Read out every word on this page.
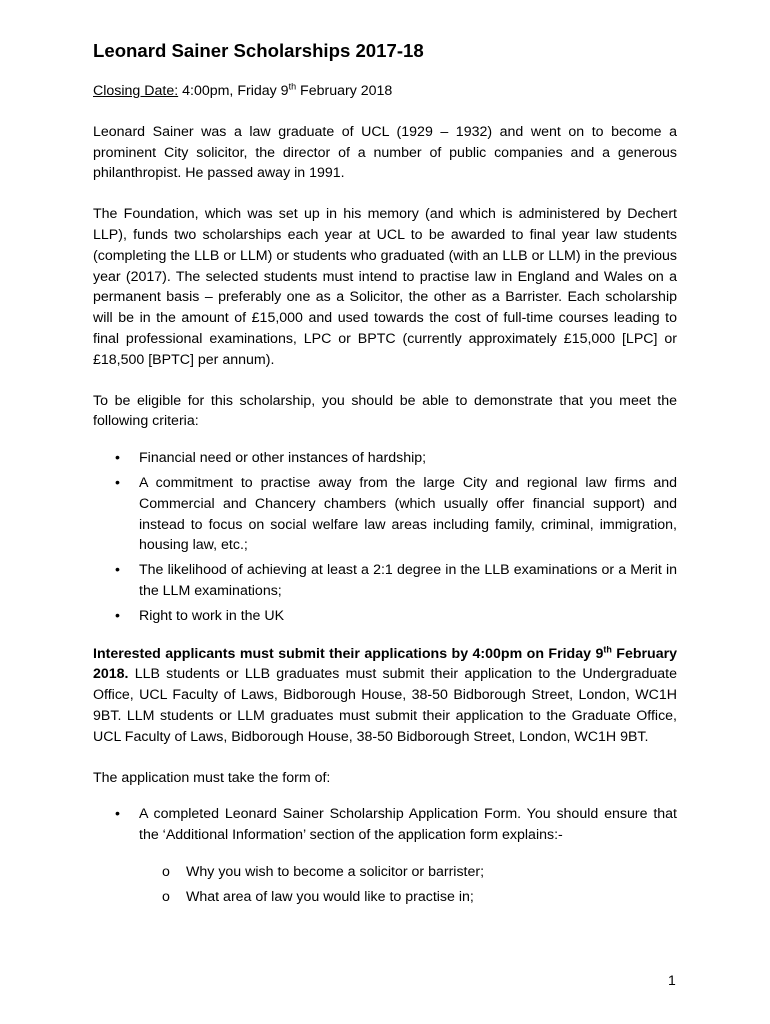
Leonard Sainer Scholarships 2017-18

Closing Date: 4:00pm, Friday 9th February 2018

Leonard Sainer was a law graduate of UCL (1929 – 1932) and went on to become a prominent City solicitor, the director of a number of public companies and a generous philanthropist. He passed away in 1991.

The Foundation, which was set up in his memory (and which is administered by Dechert LLP), funds two scholarships each year at UCL to be awarded to final year law students (completing the LLB or LLM) or students who graduated (with an LLB or LLM) in the previous year (2017). The selected students must intend to practise law in England and Wales on a permanent basis – preferably one as a Solicitor, the other as a Barrister. Each scholarship will be in the amount of £15,000 and used towards the cost of full-time courses leading to final professional examinations, LPC or BPTC (currently approximately £15,000 [LPC] or £18,500 [BPTC] per annum).

To be eligible for this scholarship, you should be able to demonstrate that you meet the following criteria:

• Financial need or other instances of hardship;
• A commitment to practise away from the large City and regional law firms and Commercial and Chancery chambers (which usually offer financial support) and instead to focus on social welfare law areas including family, criminal, immigration, housing law, etc.;
• The likelihood of achieving at least a 2:1 degree in the LLB examinations or a Merit in the LLM examinations;
• Right to work in the UK

Interested applicants must submit their applications by 4:00pm on Friday 9th February 2018. LLB students or LLB graduates must submit their application to the Undergraduate Office, UCL Faculty of Laws, Bidborough House, 38-50 Bidborough Street, London, WC1H 9BT. LLM students or LLM graduates must submit their application to the Graduate Office, UCL Faculty of Laws, Bidborough House, 38-50 Bidborough Street, London, WC1H 9BT.

The application must take the form of:

• A completed Leonard Sainer Scholarship Application Form. You should ensure that the ‘Additional Information’ section of the application form explains:-
o Why you wish to become a solicitor or barrister;
o What area of law you would like to practise in;
1
